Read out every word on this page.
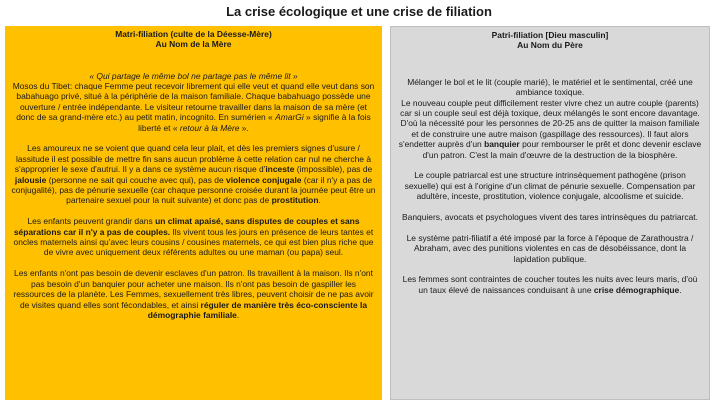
La crise écologique et une crise de filiation
Matri-filiation (culte de la Déesse-Mère)
Au Nom de la Mère
« Qui partage le même bol ne partage pas le même lit »
Mosos du Tibet: chaque Femme peut recevoir librement qui elle veut et quand elle veut dans son babahuago privé, situé à la périphérie de la maison familiale. Chaque babahuago possède une ouverture / entrée indépendante. Le visiteur retourne travailler dans la maison de sa mère (et donc de sa grand-mère etc.) au petit matin, incognito. En sumérien « AmarGi » signifie à la fois liberté et « retour à la Mère ».
Les amoureux ne se voient que quand cela leur plait, et dès les premiers signes d'usure / lassitude il est possible de mettre fin sans aucun problème à cette relation car nul ne cherche à s'approprier le sexe d'autrui. Il y a dans ce système aucun risque d'inceste (impossible), pas de jalousie (personne ne sait qui couche avec qui), pas de violence conjugale (car il n'y a pas de conjugalité), pas de pénurie sexuelle (car chaque personne croisée durant la journée peut être un partenaire sexuel pour la nuit suivante) et donc pas de prostitution.
Les enfants peuvent grandir dans un climat apaisé, sans disputes de couples et sans séparations car il n'y a pas de couples. Ils vivent tous les jours en présence de leurs tantes et oncles maternels ainsi qu'avec leurs cousins / cousines maternels, ce qui est bien plus riche que de vivre avec uniquement deux référents adultes ou une maman (ou papa) seul.
Les enfants n'ont pas besoin de devenir esclaves d'un patron. Ils travaillent à la maison. Ils n'ont pas besoin d'un banquier pour acheter une maison. Ils n'ont pas besoin de gaspiller les ressources de la planète. Les Femmes, sexuellement très libres, peuvent choisir de ne pas avoir de visites quand elles sont fécondables, et ainsi réguler de manière très éco-consciente la démographie familiale.
Patri-filiation [Dieu masculin]
Au Nom du Père
Mélanger le bol et le lit (couple marié), le matériel et le sentimental, créé une ambiance toxique.
Le nouveau couple peut difficilement rester vivre chez un autre couple (parents) car si un couple seul est déjà toxique, deux mélangés le sont encore davantage. D'où la nécessité pour les personnes de 20-25 ans de quitter la maison familiale et de construire une autre maison (gaspillage des ressources). Il faut alors s'endetter auprès d'un banquier pour rembourser le prêt et donc devenir esclave d'un patron. C'est la main d'œuvre de la destruction de la biosphère.
Le couple patriarcal est une structure intrinsèquement pathogène (prison sexuelle) qui est à l'origine d'un climat de pénurie sexuelle. Compensation par adultère, inceste, prostitution, violence conjugale, alcoolisme et suicide.
Banquiers, avocats et psychologues vivent des tares intrinsèques du patriarcat.
Le système patri-filiatif a été imposé par la force à l'époque de Zarathoustra / Abraham, avec des punitions violentes en cas de désobéissance, dont la lapidation publique.
Les femmes sont contraintes de coucher toutes les nuits avec leurs maris, d'où un taux élevé de naissances conduisant à une crise démographique.
